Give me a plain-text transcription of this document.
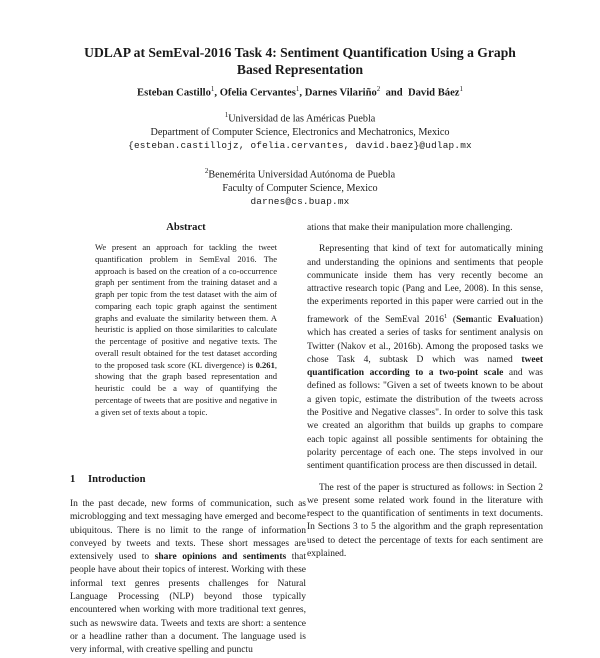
UDLAP at SemEval-2016 Task 4: Sentiment Quantification Using a Graph
Based Representation
Esteban Castillo$^1$, Ofelia Cervantes$^1$, Darnes Vilariño$^2$  and  David Báez$^1$
$^1$Universidad de las Américas Puebla
Department of Computer Science, Electronics and Mechatronics, Mexico
{esteban.castillojz, ofelia.cervantes, david.baez}@udlap.mx
$^2$Benemérita Universidad Autónoma de Puebla
Faculty of Computer Science, Mexico
darnes@cs.buap.mx
Abstract
We present an approach for tackling the tweet quantification problem in SemEval 2016. The approach is based on the creation of a co-occurrence graph per sentiment from the training dataset and a graph per topic from the test dataset with the aim of comparing each topic graph against the sentiment graphs and evaluate the similarity between them. A heuristic is applied on those similarities to calculate the percentage of positive and negative texts. The overall result obtained for the test dataset according to the proposed task score (KL divergence) is 0.261, showing that the graph based representation and heuristic could be a way of quantifying the percentage of tweets that are positive and negative in a given set of texts about a topic.
1 Introduction

In the past decade, new forms of communication, such as microblogging and text messaging have emerged and become ubiquitous. There is no limit to the range of information conveyed by tweets and texts. These short messages are extensively used to share opinions and sentiments that people have about their topics of interest. Working with these informal text genres presents challenges for Natural Language Processing (NLP) beyond those typically encountered when working with more traditional text genres, such as newswire data. Tweets and texts are short: a sentence or a headline rather than a document. The language used is very informal, with creative spelling and punctu

ations that make their manipulation more challenging.

Representing that kind of text for automatically mining and understanding the opinions and sentiments that people communicate inside them has very recently become an attractive research topic (Pang and Lee, 2008). In this sense, the experiments reported in this paper were carried out in the framework of the SemEval 2016$^1$ (Semantic Evaluation) which has created a series of tasks for sentiment analysis on Twitter (Nakov et al., 2016b). Among the proposed tasks we chose Task 4, subtask D which was named tweet quantification according to a two-point scale and was defined as follows: "Given a set of tweets known to be about a given topic, estimate the distribution of the tweets across the Positive and Negative classes". In order to solve this task we created an algorithm that builds up graphs to compare each topic against all possible sentiments for obtaining the polarity percentage of each one. The steps involved in our sentiment quantification process are then discussed in detail.

The rest of the paper is structured as follows: in Section 2 we present some related work found in the literature with respect to the quantification of sentiments in text documents. In Sections 3 to 5 the algorithm and the graph representation used to detect the percentage of texts for each sentiment are explained.
